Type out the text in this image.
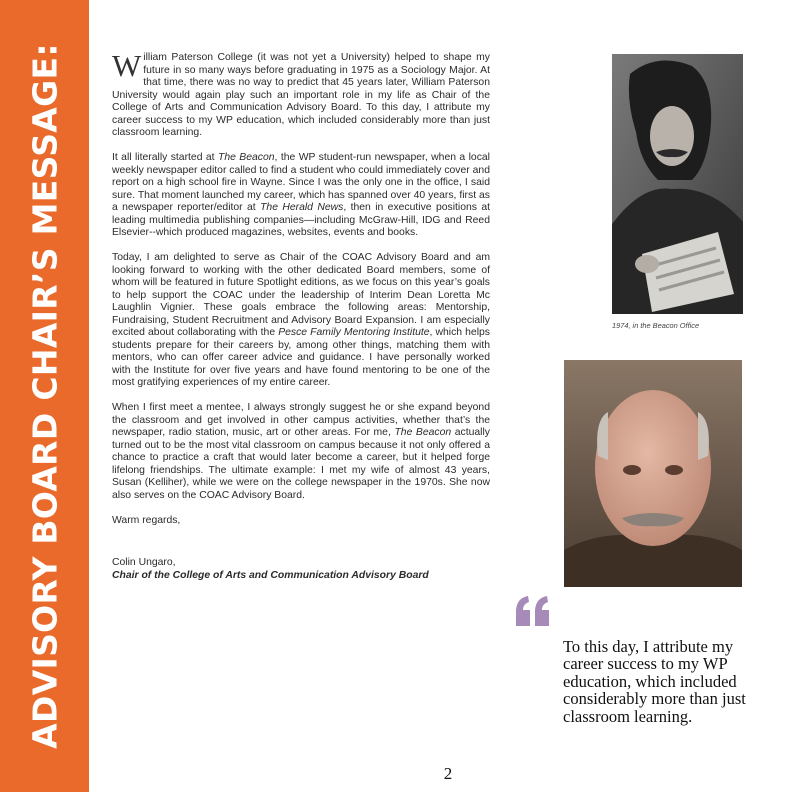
ADVISORY BOARD CHAIR’S MESSAGE: William Paterson College (it was not yet a University) helped to shape my future in so many ways before graduating in 1975 as a Sociology Major. At that time, there was no way to predict that 45 years later, William Paterson University would again play such an important role in my life as Chair of the College of Arts and Communication Advisory Board. To this day, I attribute my career success to my WP education, which included considerably more than just classroom learning.

It all literally started at The Beacon, the WP student-run newspaper, when a local weekly newspaper editor called to find a student who could immediately cover and report on a high school fire in Wayne. Since I was the only one in the office, I said sure. That moment launched my career, which has spanned over 40 years, first as a newspaper reporter/editor at The Herald News, then in executive positions at leading multimedia publishing companies—including McGraw-Hill, IDG and Reed Elsevier--which produced magazines, websites, events and books.

Today, I am delighted to serve as Chair of the COAC Advisory Board and am looking forward to working with the other dedicated Board members, some of whom will be featured in future Spotlight editions, as we focus on this year’s goals to help support the COAC under the leadership of Interim Dean Loretta Mc Laughlin Vignier. These goals embrace the following areas: Mentorship, Fundraising, Student Recruitment and Advisory Board Expansion. I am especially excited about collaborating with the Pesce Family Mentoring Institute, which helps students prepare for their careers by, among other things, matching them with mentors, who can offer career advice and guidance. I have personally worked with the Institute for over five years and have found mentoring to be one of the most gratifying experiences of my entire career.

When I first meet a mentee, I always strongly suggest he or she expand beyond the classroom and get involved in other campus activities, whether that’s the newspaper, radio station, music, art or other areas. For me, The Beacon actually turned out to be the most vital classroom on campus because it not only offered a chance to practice a craft that would later become a career, but it helped forge lifelong friendships. The ultimate example: I met my wife of almost 43 years, Susan (Kelliher), while we were on the college newspaper in the 1970s. She now also serves on the COAC Advisory Board.

Warm regards,

Colin Ungaro,
Chair of the College of Arts and Communication Advisory Board
1974, in the Beacon Office
To this day, I attribute my career success to my WP education, which included considerably more than just classroom learning.
2
